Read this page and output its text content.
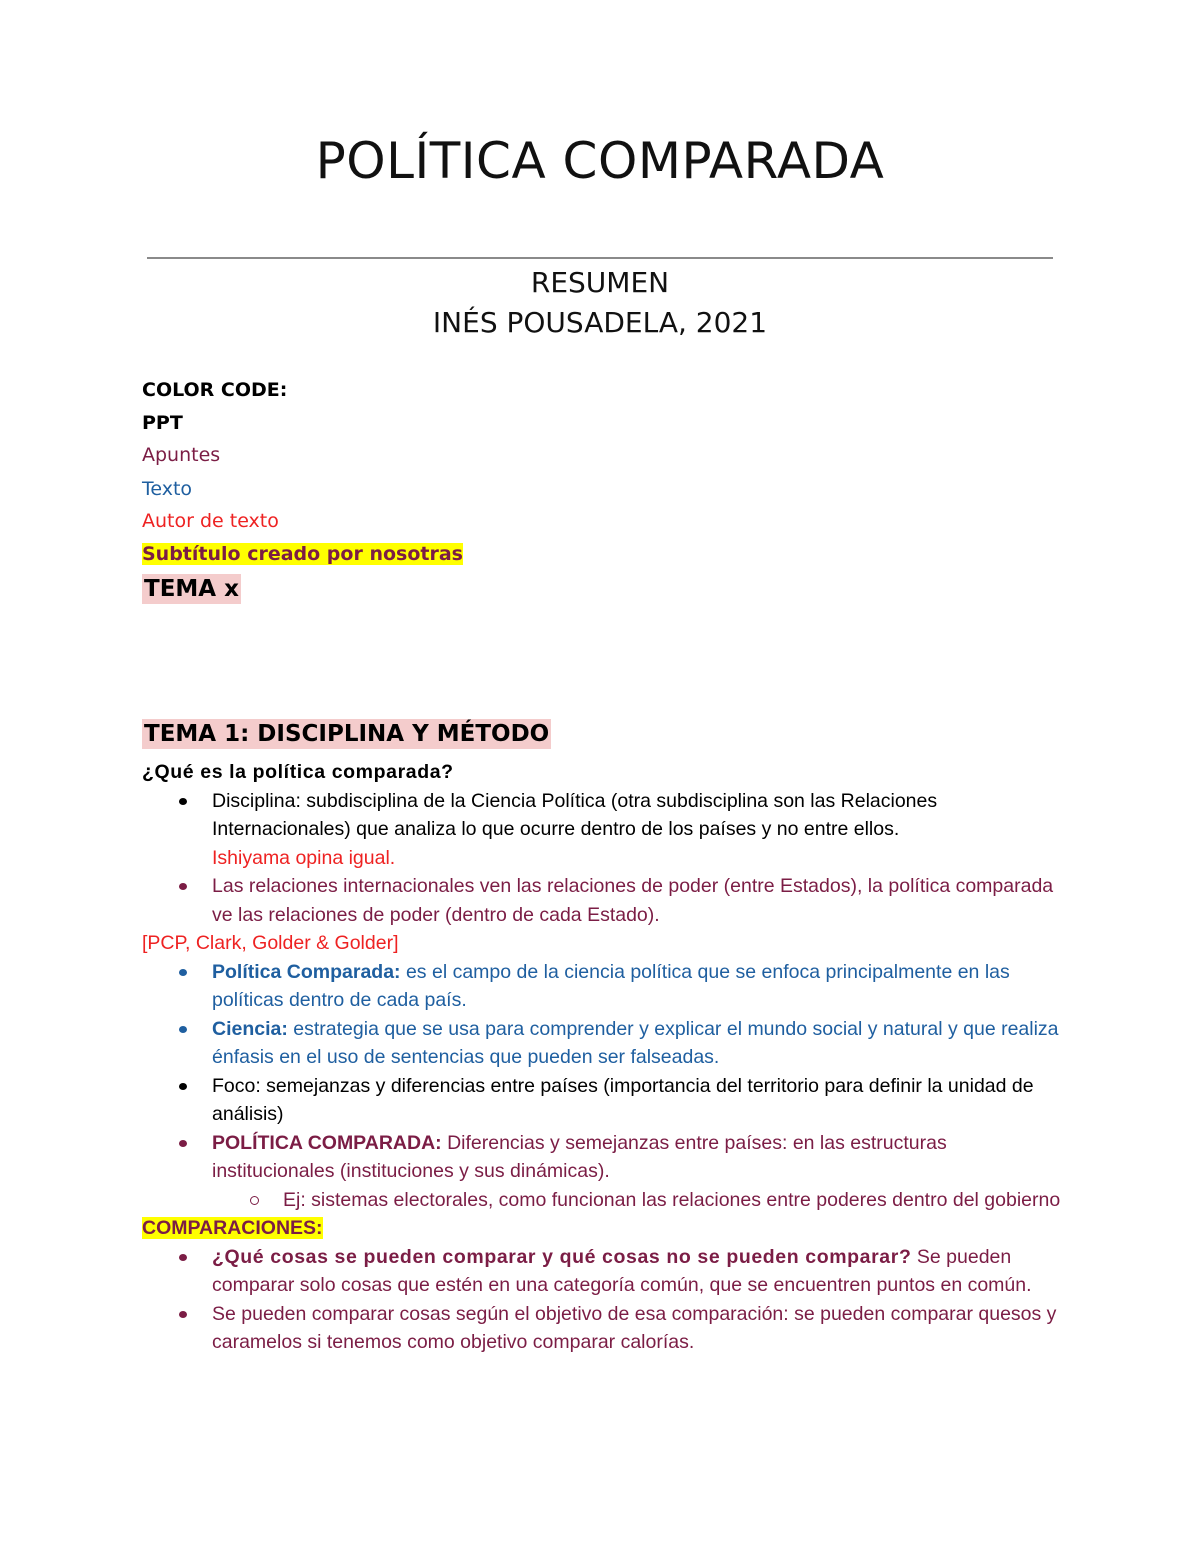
POLÍTICA COMPARADA
RESUMEN
INÉS POUSADELA, 2021
COLOR CODE:
PPT
Apuntes
Texto
Autor de texto
Subtítulo creado por nosotras
TEMA x
TEMA 1: DISCIPLINA Y MÉTODO
¿Qué es la política comparada?
Disciplina: subdisciplina de la Ciencia Política (otra subdisciplina son las Relaciones Internacionales) que analiza lo que ocurre dentro de los países y no entre ellos.
Ishiyama opina igual.
Las relaciones internacionales ven las relaciones de poder (entre Estados), la política comparada ve las relaciones de poder (dentro de cada Estado).
[PCP, Clark, Golder & Golder]
Política Comparada: es el campo de la ciencia política que se enfoca principalmente en las políticas dentro de cada país.
Ciencia: estrategia que se usa para comprender y explicar el mundo social y natural y que realiza énfasis en el uso de sentencias que pueden ser falseadas.
Foco: semejanzas y diferencias entre países (importancia del territorio para definir la unidad de análisis)
POLÍTICA COMPARADA: Diferencias y semejanzas entre países: en las estructuras institucionales (instituciones y sus dinámicas).
Ej: sistemas electorales, como funcionan las relaciones entre poderes dentro del gobierno
COMPARACIONES:
¿Qué cosas se pueden comparar y qué cosas no se pueden comparar? Se pueden comparar solo cosas que estén en una categoría común, que se encuentren puntos en común.
Se pueden comparar cosas según el objetivo de esa comparación: se pueden comparar quesos y caramelos si tenemos como objetivo comparar calorías.
